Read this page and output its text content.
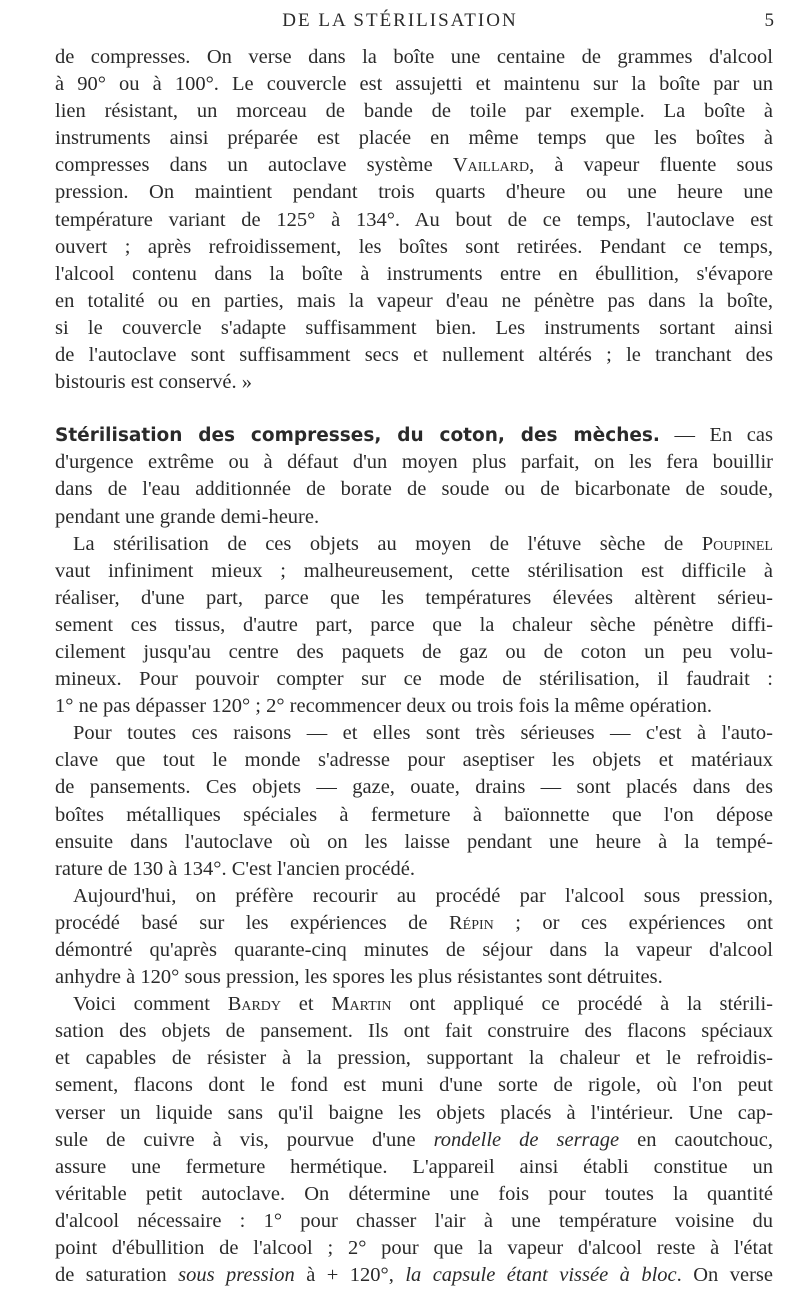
DE LA STÉRILISATION	5
de compresses. On verse dans la boîte une centaine de grammes d'alcool
à 90° ou à 100°. Le couvercle est assujetti et maintenu sur la boîte par un
lien résistant, un morceau de bande de toile par exemple. La boîte à
instruments ainsi préparée est placée en même temps que les boîtes à
compresses dans un autoclave système Vaillard, à vapeur fluente sous
pression. On maintient pendant trois quarts d'heure ou une heure une
température variant de 125° à 134°. Au bout de ce temps, l'autoclave est
ouvert ; après refroidissement, les boîtes sont retirées. Pendant ce temps,
l'alcool contenu dans la boîte à instruments entre en ébullition, s'évapore
en totalité ou en parties, mais la vapeur d'eau ne pénètre pas dans la boîte,
si le couvercle s'adapte suffisamment bien. Les instruments sortant ainsi
de l'autoclave sont suffisamment secs et nullement altérés ; le tranchant des
bistouris est conservé. »
Stérilisation des compresses, du coton, des mèches. — En cas
d'urgence extrême ou à défaut d'un moyen plus parfait, on les fera bouillir
dans de l'eau additionnée de borate de soude ou de bicarbonate de soude,
pendant une grande demi-heure.
La stérilisation de ces objets au moyen de l'étuve sèche de Poupinel
vaut infiniment mieux ; malheureusement, cette stérilisation est difficile à
réaliser, d'une part, parce que les températures élevées altèrent sérieu-
sement ces tissus, d'autre part, parce que la chaleur sèche pénètre diffi-
cilement jusqu'au centre des paquets de gaz ou de coton un peu volu-
mineux. Pour pouvoir compter sur ce mode de stérilisation, il faudrait :
1° ne pas dépasser 120° ; 2° recommencer deux ou trois fois la même opération.
Pour toutes ces raisons — et elles sont très sérieuses — c'est à l'auto-
clave que tout le monde s'adresse pour aseptiser les objets et matériaux
de pansements. Ces objets — gaze, ouate, drains — sont placés dans des
boîtes métalliques spéciales à fermeture à baïonnette que l'on dépose
ensuite dans l'autoclave où on les laisse pendant une heure à la tempé-
rature de 130 à 134°. C'est l'ancien procédé.
Aujourd'hui, on préfère recourir au procédé par l'alcool sous pression,
procédé basé sur les expériences de Répin ; or ces expériences ont
démontré qu'après quarante-cinq minutes de séjour dans la vapeur d'alcool
anhydre à 120° sous pression, les spores les plus résistantes sont détruites.
Voici comment Bardy et Martin ont appliqué ce procédé à la stérili-
sation des objets de pansement. Ils ont fait construire des flacons spéciaux
et capables de résister à la pression, supportant la chaleur et le refroidis-
sement, flacons dont le fond est muni d'une sorte de rigole, où l'on peut
verser un liquide sans qu'il baigne les objets placés à l'intérieur. Une cap-
sule de cuivre à vis, pourvue d'une rondelle de serrage en caoutchouc,
assure une fermeture hermétique. L'appareil ainsi établi constitue un
véritable petit autoclave. On détermine une fois pour toutes la quantité
d'alcool nécessaire : 1° pour chasser l'air à une température voisine du
point d'ébullition de l'alcool ; 2° pour que la vapeur d'alcool reste à l'état
de saturation sous pression à + 120°, la capsule étant vissée à bloc. On verse
